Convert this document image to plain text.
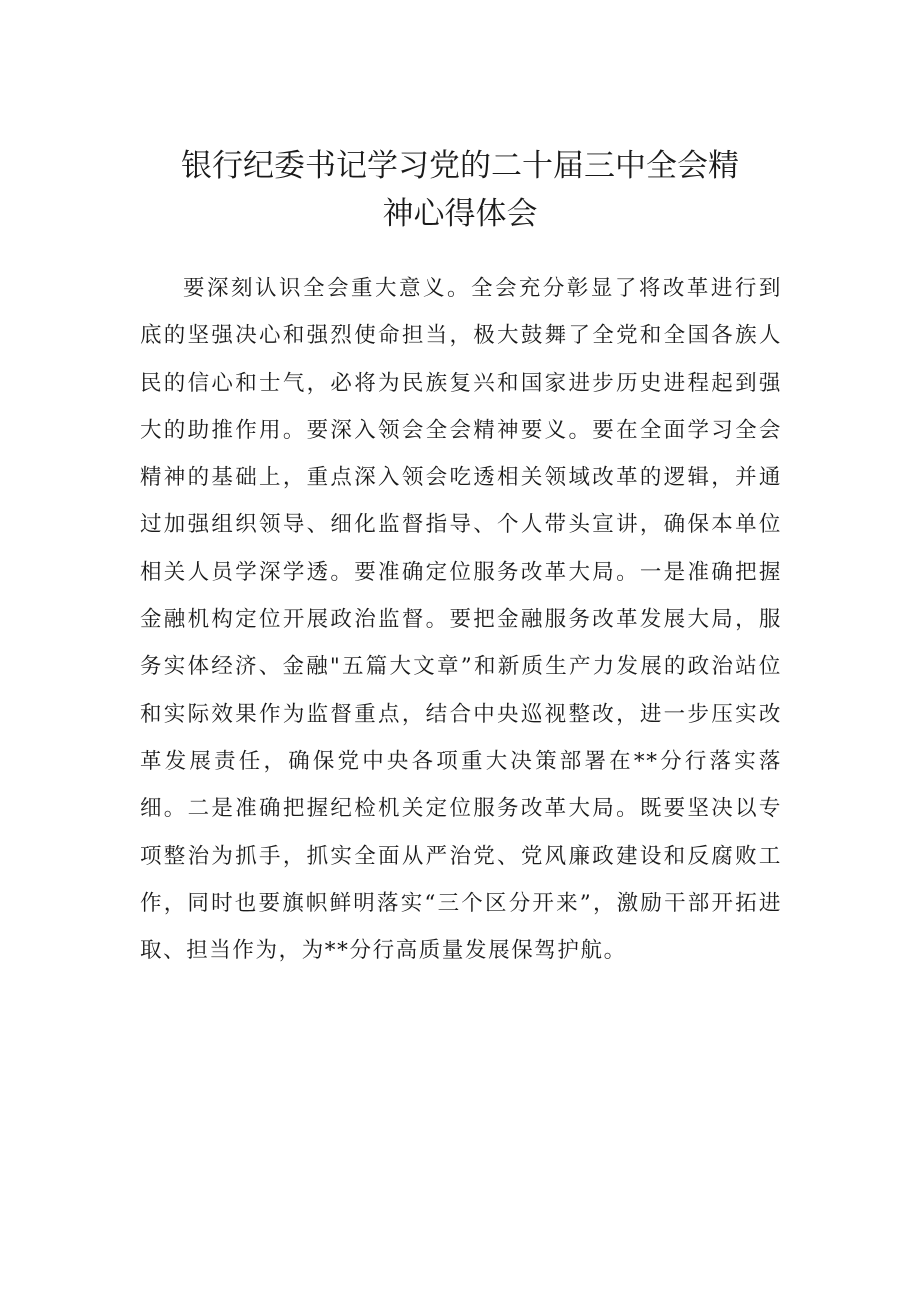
银行纪委书记学习党的二十届三中全会精
神心得体会

要深刻认识全会重大意义。全会充分彰显了将改革进行到底的坚强决心和强烈使命担当，极大鼓舞了全党和全国各族人民的信心和士气，必将为民族复兴和国家进步历史进程起到强大的助推作用。要深入领会全会精神要义。要在全面学习全会精神的基础上，重点深入领会吃透相关领域改革的逻辑，并通过加强组织领导、细化监督指导、个人带头宣讲，确保本单位相关人员学深学透。要准确定位服务改革大局。一是准确把握金融机构定位开展政治监督。要把金融服务改革发展大局，服务实体经济、金融"五篇大文章”和新质生产力发展的政治站位和实际效果作为监督重点，结合中央巡视整改，进一步压实改革发展责任，确保党中央各项重大决策部署在**分行落实落细。二是准确把握纪检机关定位服务改革大局。既要坚决以专项整治为抓手，抓实全面从严治党、党风廉政建设和反腐败工作，同时也要旗帜鲜明落实“三个区分开来”，激励干部开拓进取、担当作为，为**分行高质量发展保驾护航。
